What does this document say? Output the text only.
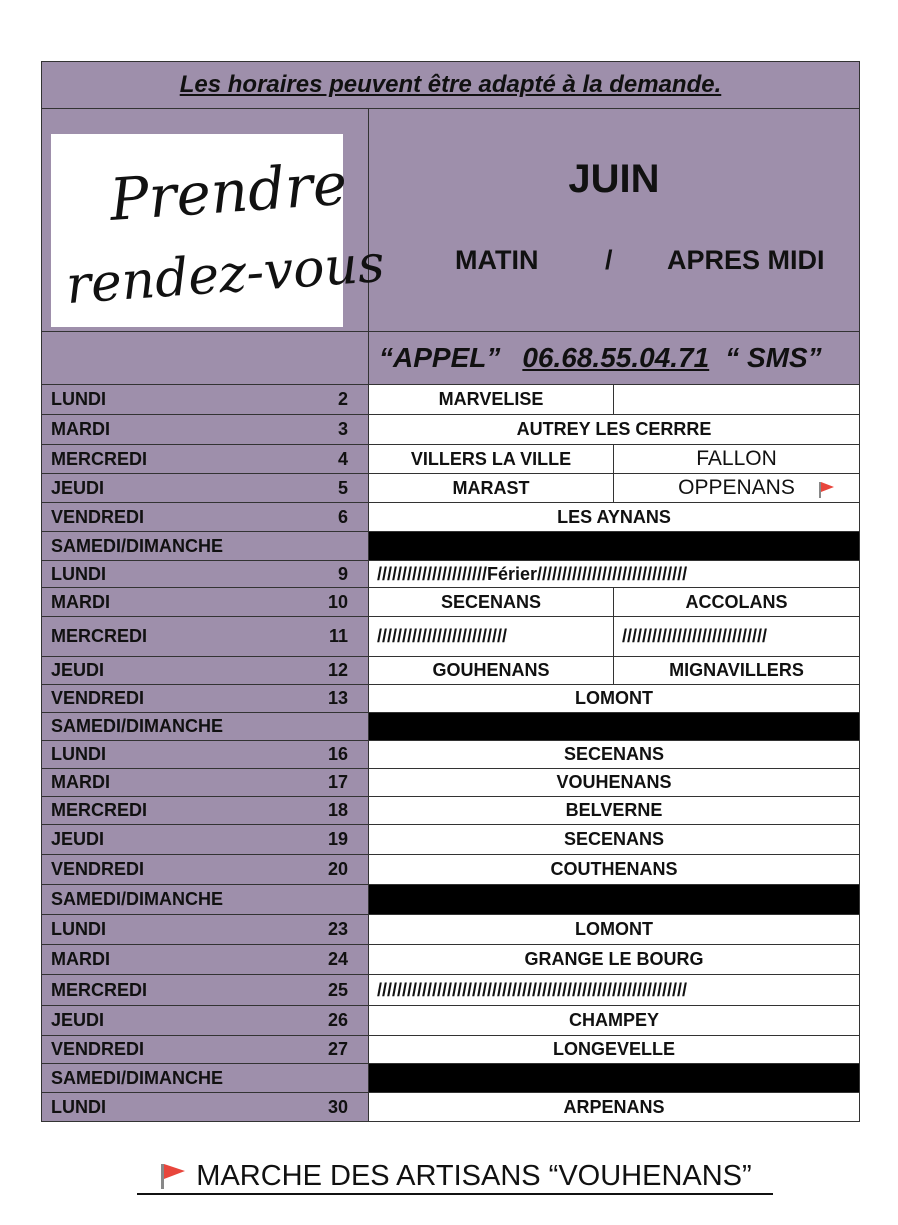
Les horaires peuvent être adapté à la demande.
Prendre
rendez-vous
JUIN
MATIN / APRES MIDI
“APPEL” 06.68.55.04.71 “ SMS”
LUNDI	2	MARVELISE
MARDI	3	AUTREY LES CERRRE
MERCREDI	4	VILLERS LA VILLE	FALLON
JEUDI	5	MARAST	OPPENANS
VENDREDI	6	LES AYNANS
SAMEDI/DIMANCHE
LUNDI	9	//////////////////////Férier//////////////////////////////
MARDI	10	SECENANS	ACCOLANS
MERCREDI	11	//////////////////////////	/////////////////////////////
JEUDI	12	GOUHENANS	MIGNAVILLERS
VENDREDI	13	LOMONT
SAMEDI/DIMANCHE
LUNDI	16	SECENANS
MARDI	17	VOUHENANS
MERCREDI	18	BELVERNE
JEUDI	19	SECENANS
VENDREDI	20	COUTHENANS
SAMEDI/DIMANCHE
LUNDI	23	LOMONT
MARDI	24	GRANGE LE BOURG
MERCREDI	25	//////////////////////////////////////////////////////////////
JEUDI	26	CHAMPEY
VENDREDI	27	LONGEVELLE
SAMEDI/DIMANCHE
LUNDI	30	ARPENANS
MARCHE DES ARTISANS “VOUHENANS”
